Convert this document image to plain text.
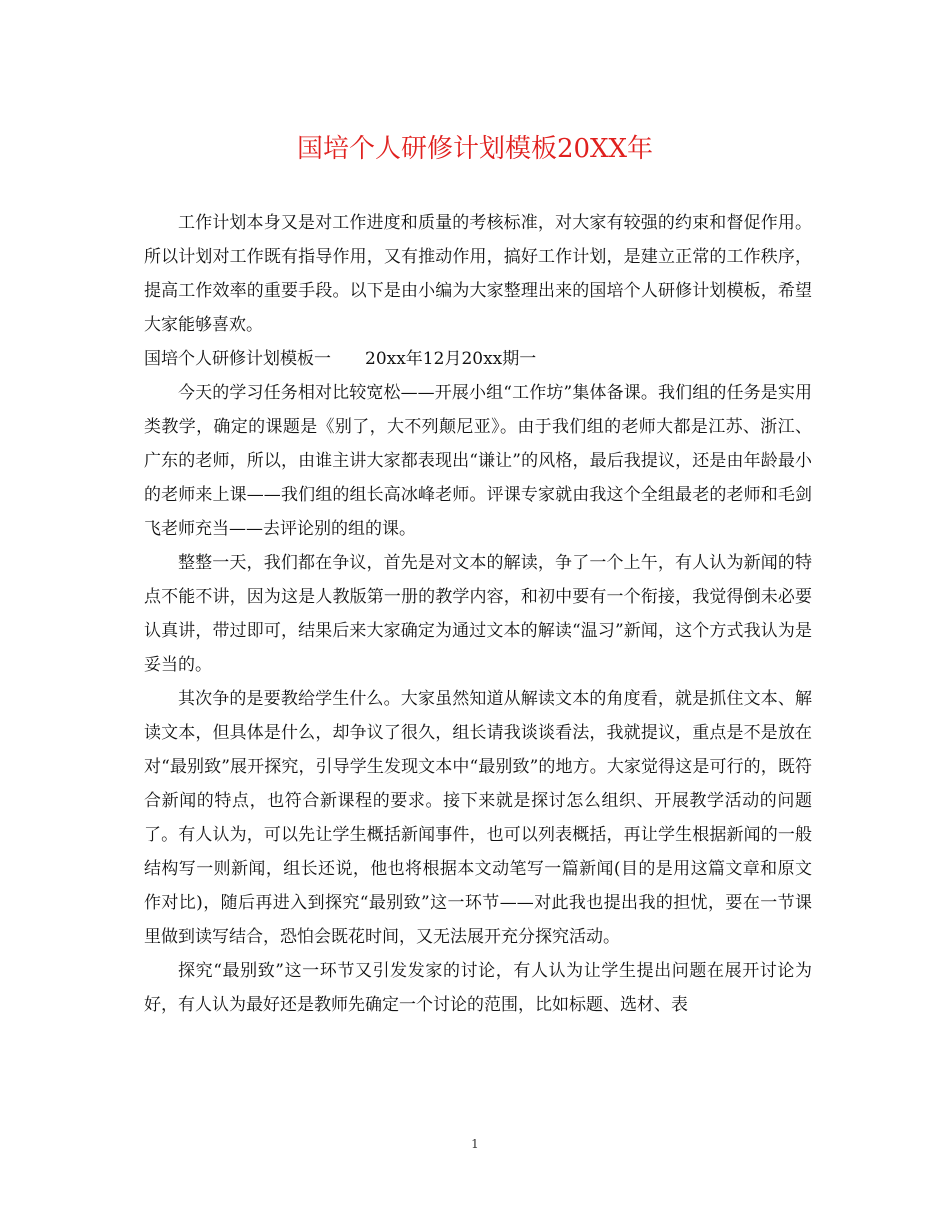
国培个人研修计划模板20XX年

工作计划本身又是对工作进度和质量的考核标准，对大家有较强的约束和督促作用。所以计划对工作既有指导作用，又有推动作用，搞好工作计划，是建立正常的工作秩序，提高工作效率的重要手段。以下是由小编为大家整理出来的国培个人研修计划模板，希望大家能够喜欢。

国培个人研修计划模板一　　20xx年12月20xx期一

今天的学习任务相对比较宽松——开展小组“工作坊”集体备课。我们组的任务是实用类教学，确定的课题是《别了，大不列颠尼亚》。由于我们组的老师大都是江苏、浙江、广东的老师，所以，由谁主讲大家都表现出“谦让”的风格，最后我提议，还是由年龄最小的老师来上课——我们组的组长高冰峰老师。评课专家就由我这个全组最老的老师和毛剑飞老师充当——去评论别的组的课。

整整一天，我们都在争议，首先是对文本的解读，争了一个上午，有人认为新闻的特点不能不讲，因为这是人教版第一册的教学内容，和初中要有一个衔接，我觉得倒未必要认真讲，带过即可，结果后来大家确定为通过文本的解读“温习”新闻，这个方式我认为是妥当的。

其次争的是要教给学生什么。大家虽然知道从解读文本的角度看，就是抓住文本、解读文本，但具体是什么，却争议了很久，组长请我谈谈看法，我就提议，重点是不是放在对“最别致”展开探究，引导学生发现文本中“最别致”的地方。大家觉得这是可行的，既符合新闻的特点，也符合新课程的要求。接下来就是探讨怎么组织、开展教学活动的问题了。有人认为，可以先让学生概括新闻事件，也可以列表概括，再让学生根据新闻的一般结构写一则新闻，组长还说，他也将根据本文动笔写一篇新闻(目的是用这篇文章和原文作对比)，随后再进入到探究“最别致”这一环节——对此我也提出我的担忧，要在一节课里做到读写结合，恐怕会既花时间，又无法展开充分探究活动。

探究“最别致”这一环节又引发发家的讨论，有人认为让学生提出问题在展开讨论为好，有人认为最好还是教师先确定一个讨论的范围，比如标题、选材、表

1
